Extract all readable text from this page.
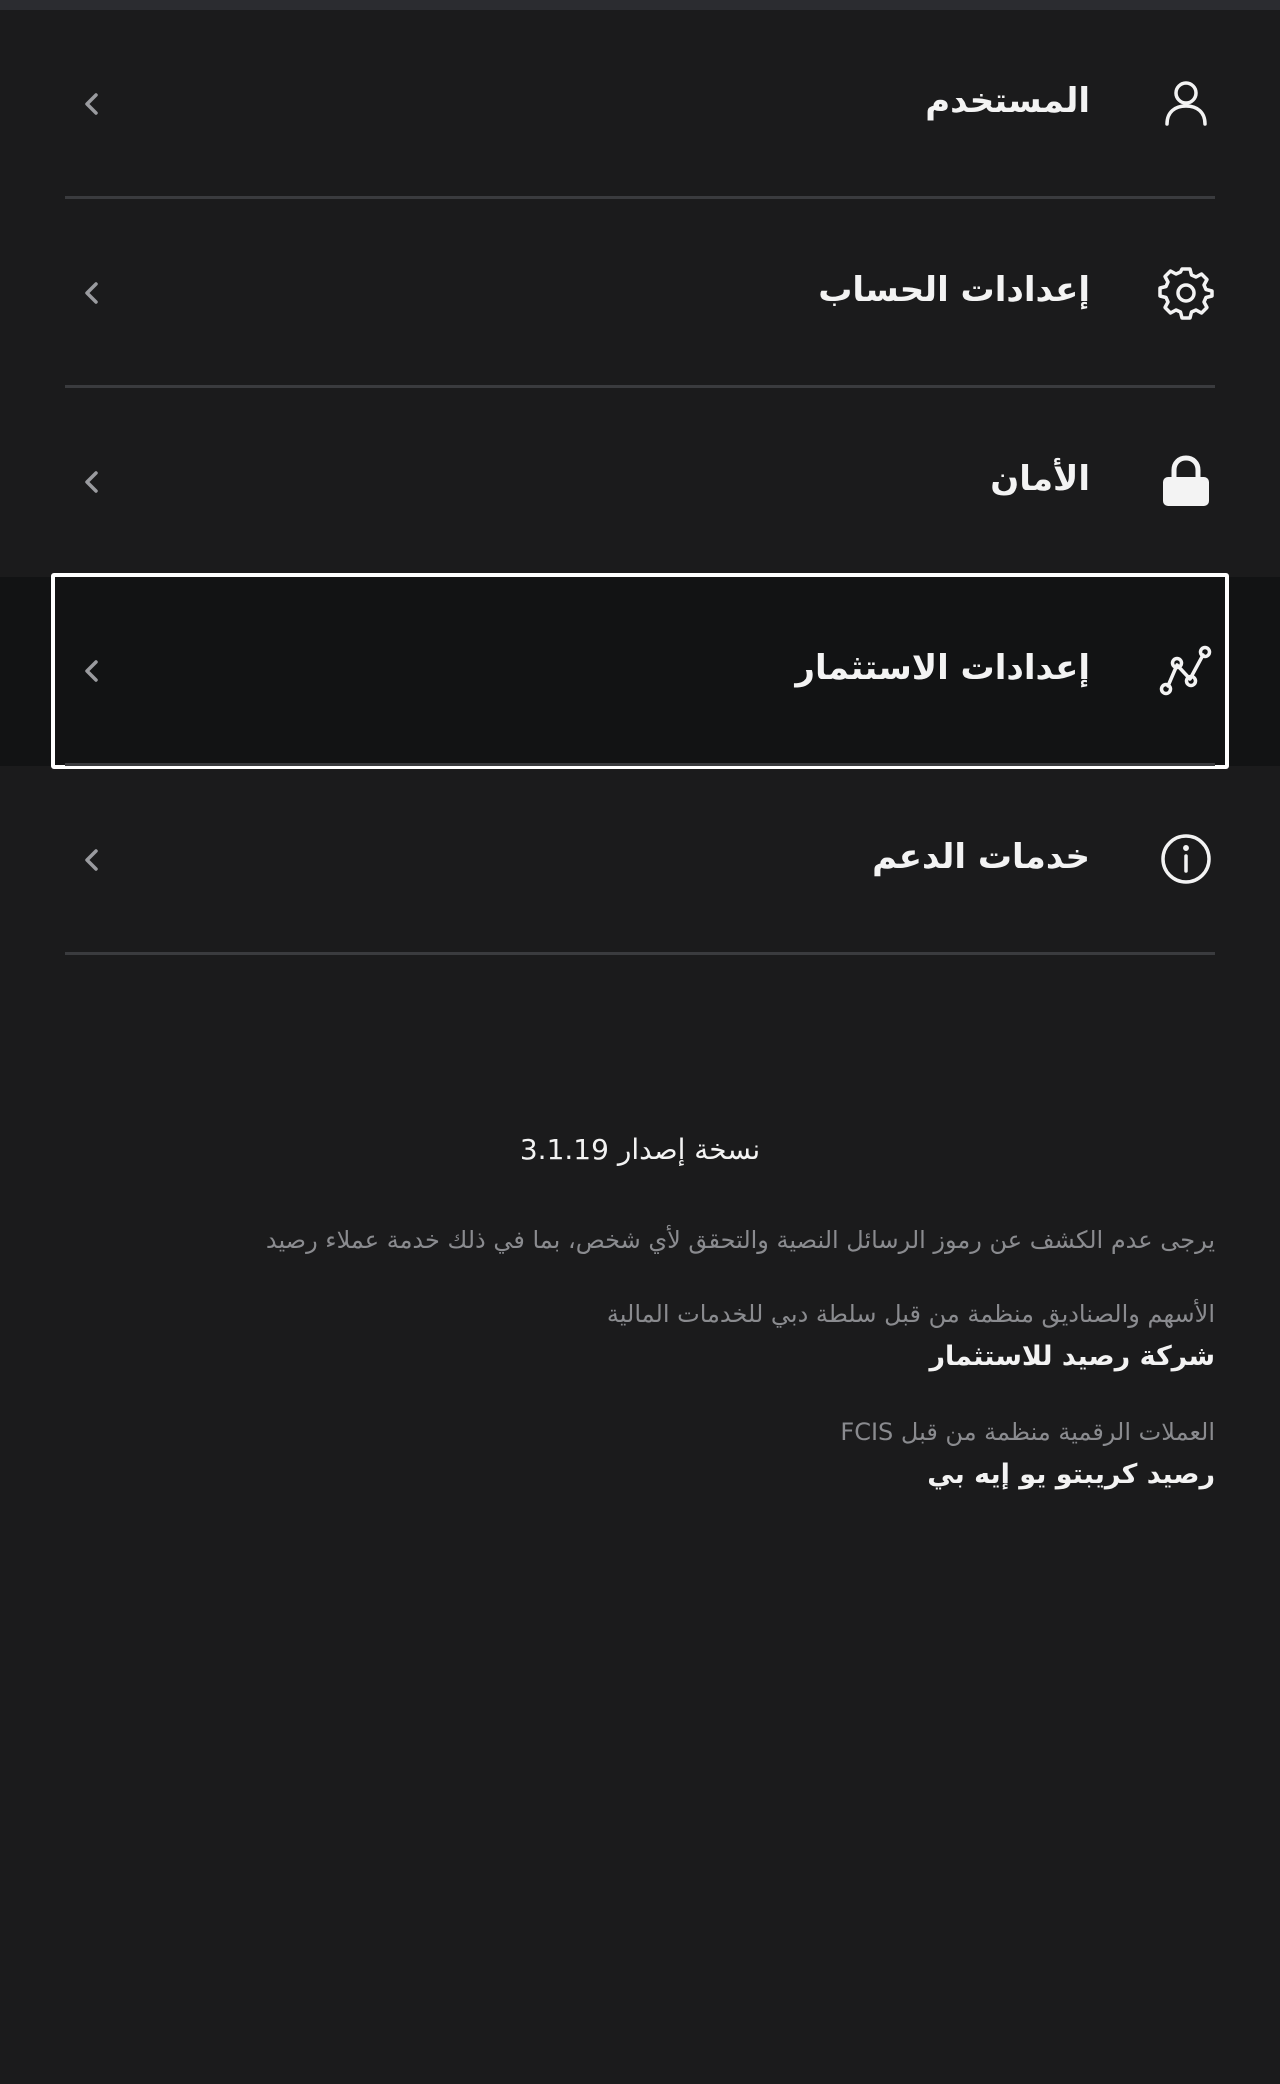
المستخدم
إعدادات الحساب
الأمان
إعدادات الاستثمار
خدمات الدعم
نسخة إصدار 3.1.19
يرجى عدم الكشف عن رموز الرسائل النصية والتحقق لأي شخص، بما في ذلك خدمة عملاء رصيد
الأسهم والصناديق منظمة من قبل سلطة دبي للخدمات المالية
شركة رصيد للاستثمار
العملات الرقمية منظمة من قبل FCIS
رصيد كريبتو يو إيه بي
